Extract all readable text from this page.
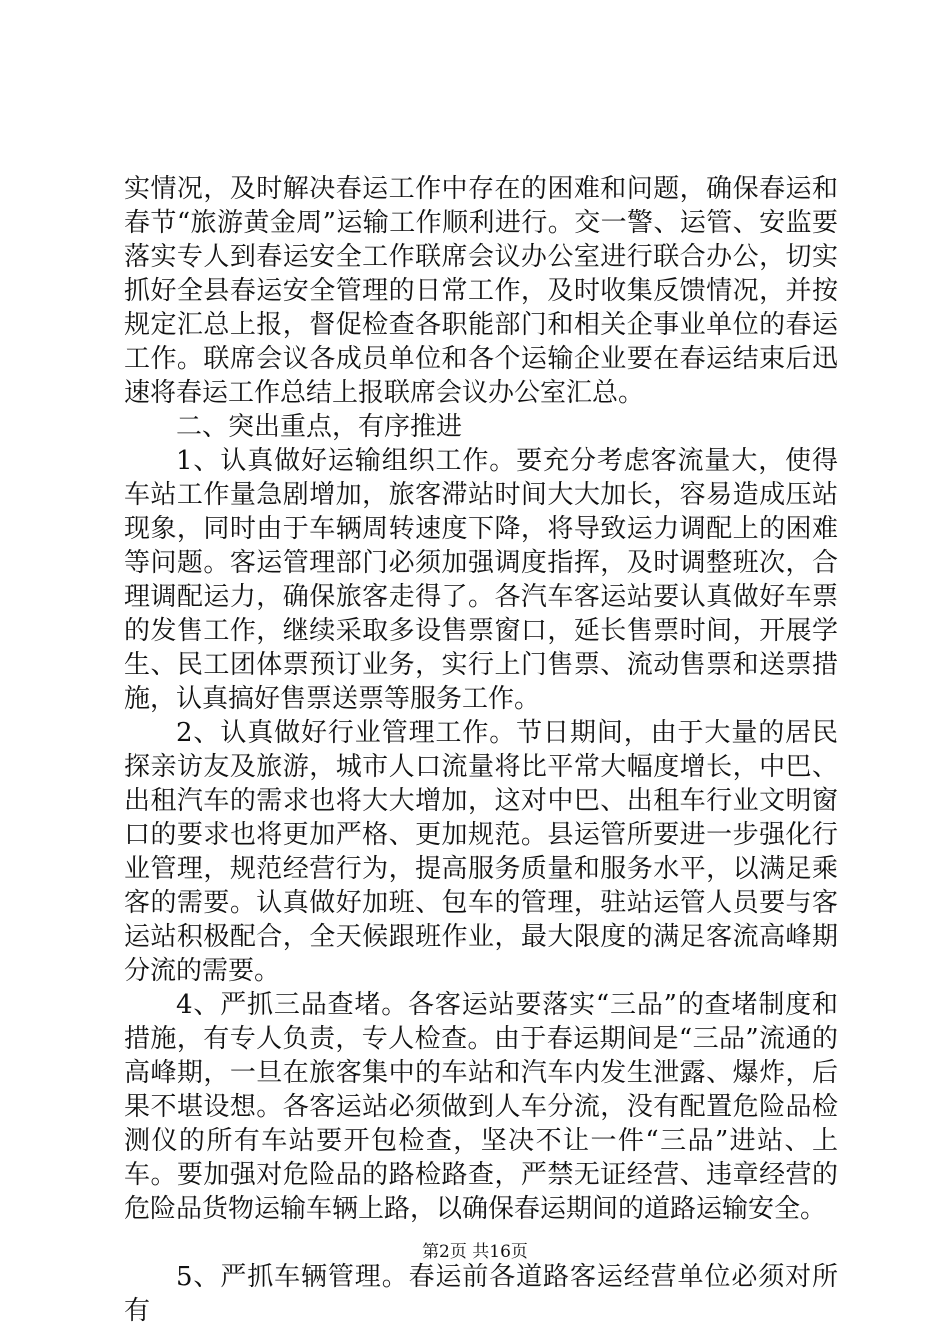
实情况，及时解决春运工作中存在的困难和问题，确保春运和春节“旅游黄金周”运输工作顺利进行。交一警、运管、安监要落实专人到春运安全工作联席会议办公室进行联合办公，切实抓好全县春运安全管理的日常工作，及时收集反馈情况，并按规定汇总上报，督促检查各职能部门和相关企事业单位的春运工作。联席会议各成员单位和各个运输企业要在春运结束后迅速将春运工作总结上报联席会议办公室汇总。

二、突出重点，有序推进

1、认真做好运输组织工作。要充分考虑客流量大，使得车站工作量急剧增加，旅客滞站时间大大加长，容易造成压站现象，同时由于车辆周转速度下降，将导致运力调配上的困难等问题。客运管理部门必须加强调度指挥，及时调整班次，合理调配运力，确保旅客走得了。各汽车客运站要认真做好车票的发售工作，继续采取多设售票窗口，延长售票时间，开展学生、民工团体票预订业务，实行上门售票、流动售票和送票措施，认真搞好售票送票等服务工作。

2、认真做好行业管理工作。节日期间，由于大量的居民探亲访友及旅游，城市人口流量将比平常大幅度增长，中巴、出租汽车的需求也将大大增加，这对中巴、出租车行业文明窗口的要求也将更加严格、更加规范。县运管所要进一步强化行业管理，规范经营行为，提高服务质量和服务水平，以满足乘客的需要。认真做好加班、包车的管理，驻站运管人员要与客运站积极配合，全天候跟班作业，最大限度的满足客流高峰期分流的需要。

4、严抓三品查堵。各客运站要落实“三品”的查堵制度和措施，有专人负责，专人检查。由于春运期间是“三品”流通的高峰期，一旦在旅客集中的车站和汽车内发生泄露、爆炸，后果不堪设想。各客运站必须做到人车分流，没有配置危险品检测仪的所有车站要开包检查，坚决不让一件“三品”进站、上车。要加强对危险品的路检路查，严禁无证经营、违章经营的危险品货物运输车辆上路，以确保春运期间的道路运输安全。

5、严抓车辆管理。春运前各道路客运经营单位必须对所有

第2页 共16页
